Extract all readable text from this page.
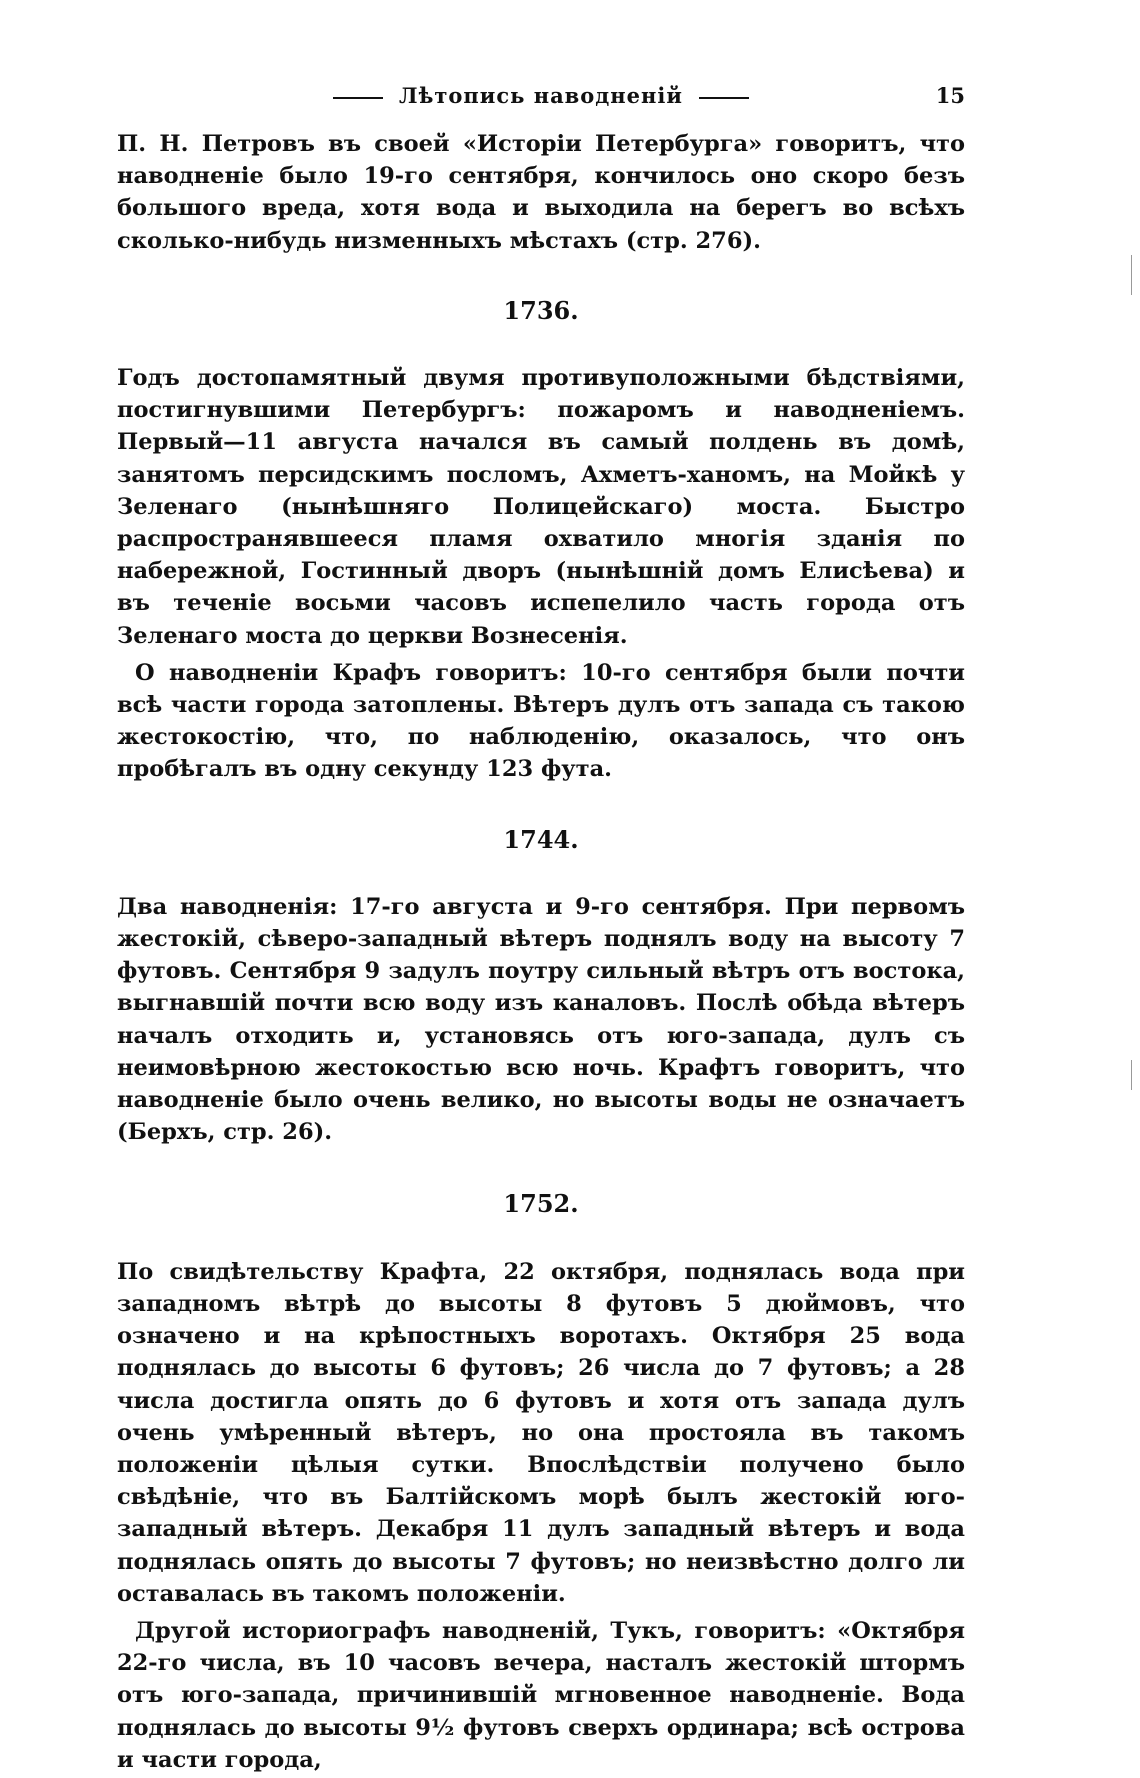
Лѣтопись наводненій	15

П. Н. Петровъ въ своей «Исторіи Петербурга» говоритъ, что наводненіе было 19-го сентября, кончилось оно скоро безъ большого вреда, хотя вода и выходила на берегъ во всѣхъ сколько-нибудь низменныхъ мѣстахъ (стр. 276).

1736.

Годъ достопамятный двумя противуположными бѣдствіями, постигнувшими Петербургъ: пожаромъ и наводненіемъ. Первый—11 августа начался въ самый полдень въ домѣ, занятомъ персидскимъ посломъ, Ахметъ-ханомъ, на Мойкѣ у Зеленаго (нынѣшняго Полицейскаго) моста. Быстро распространявшееся пламя охватило многія зданія по набережной, Гостинный дворъ (нынѣшній домъ Елисѣева) и въ теченіе восьми часовъ испепелило часть города отъ Зеленаго моста до церкви Вознесенія.

О наводненіи Крафъ говоритъ: 10-го сентября были почти всѣ части города затоплены. Вѣтеръ дулъ отъ запада съ такою жестокостію, что, по наблюденію, оказалось, что онъ пробѣгалъ въ одну секунду 123 фута.

1744.

Два наводненія: 17-го августа и 9-го сентября. При первомъ жестокій, сѣверо-западный вѣтеръ поднялъ воду на высоту 7 футовъ. Сентября 9 задулъ поутру сильный вѣтръ отъ востока, выгнавшій почти всю воду изъ каналовъ. Послѣ обѣда вѣтеръ началъ отходить и, установясь отъ юго-запада, дулъ съ неимовѣрною жестокостью всю ночь. Крафтъ говоритъ, что наводненіе было очень велико, но высоты воды не означаетъ (Берхъ, стр. 26).

1752.

По свидѣтельству Крафта, 22 октября, поднялась вода при западномъ вѣтрѣ до высоты 8 футовъ 5 дюймовъ, что означено и на крѣпостныхъ воротахъ. Октября 25 вода поднялась до высоты 6 футовъ; 26 числа до 7 футовъ; а 28 числа достигла опять до 6 футовъ и хотя отъ запада дулъ очень умѣренный вѣтеръ, но она простояла въ такомъ положеніи цѣлыя сутки. Впослѣдствіи получено было свѣдѣніе, что въ Балтійскомъ морѣ былъ жестокій юго-западный вѣтеръ. Декабря 11 дулъ западный вѣтеръ и вода поднялась опять до высоты 7 футовъ; но неизвѣстно долго ли оставалась въ такомъ положеніи.

Другой историографъ наводненій, Тукъ, говоритъ: «Октября 22-го числа, въ 10 часовъ вечера, насталъ жестокій штормъ отъ юго-запада, причинившій мгновенное наводненіе. Вода поднялась до высоты 9½ футовъ сверхъ ординара; всѣ острова и части города,
